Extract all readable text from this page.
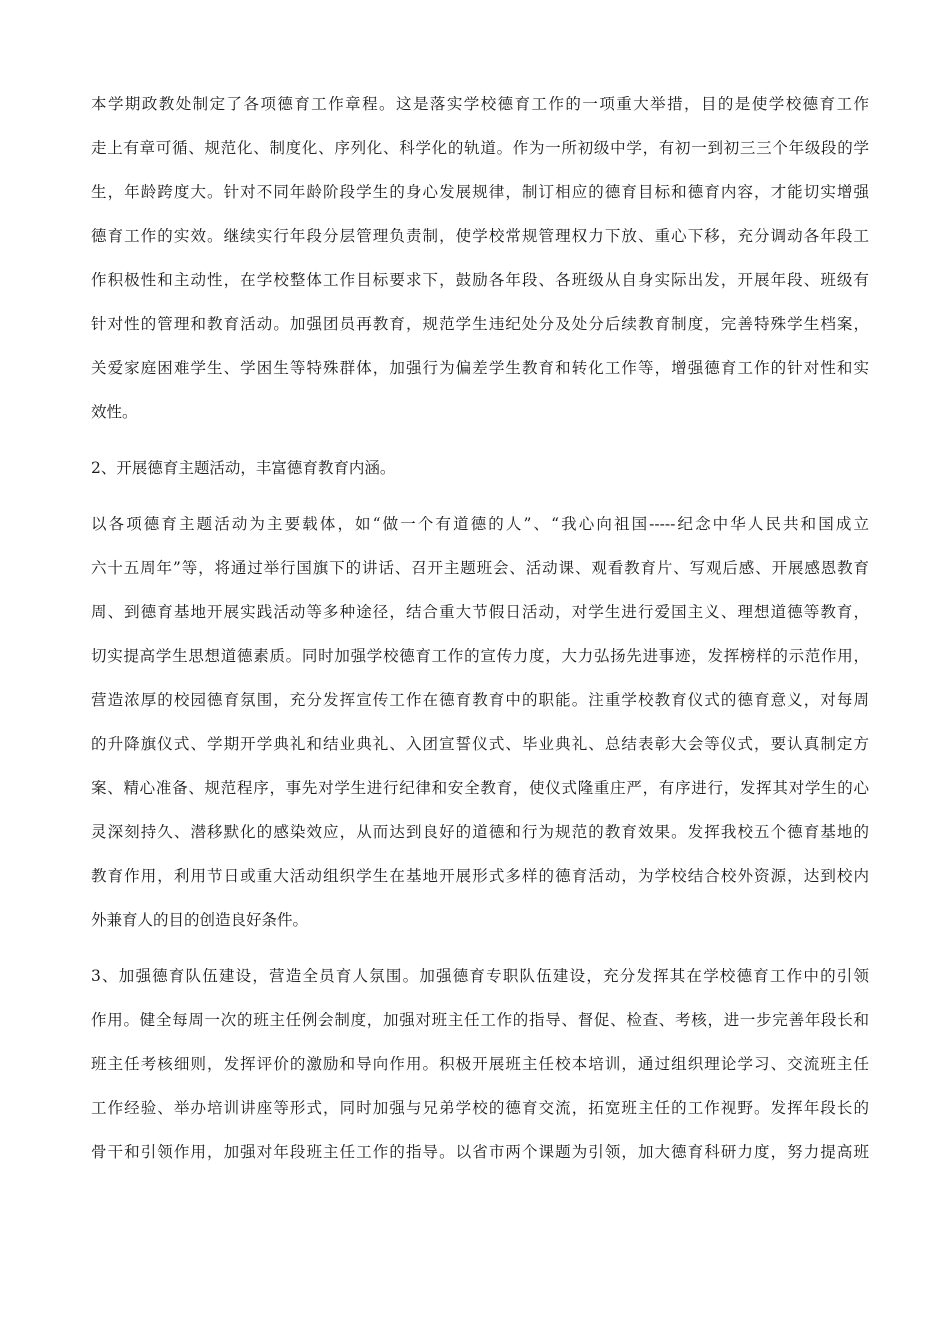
本学期政教处制定了各项德育工作章程。这是落实学校德育工作的一项重大举措，目的是使学校德育工作
走上有章可循、规范化、制度化、序列化、科学化的轨道。作为一所初级中学，有初一到初三三个年级段的学
生，年龄跨度大。针对不同年龄阶段学生的身心发展规律，制订相应的德育目标和德育内容，才能切实增强
德育工作的实效。继续实行年段分层管理负责制，使学校常规管理权力下放、重心下移，充分调动各年段工
作积极性和主动性，在学校整体工作目标要求下，鼓励各年段、各班级从自身实际出发，开展年段、班级有
针对性的管理和教育活动。加强团员再教育，规范学生违纪处分及处分后续教育制度，完善特殊学生档案，
关爱家庭困难学生、学困生等特殊群体，加强行为偏差学生教育和转化工作等，增强德育工作的针对性和实
效性。
2、开展德育主题活动，丰富德育教育内涵。
以各项德育主题活动为主要载体，如“做一个有道德的人”、“我心向祖国-----纪念中华人民共和国成立
六十五周年”等，将通过举行国旗下的讲话、召开主题班会、活动课、观看教育片、写观后感、开展感恩教育
周、到德育基地开展实践活动等多种途径，结合重大节假日活动，对学生进行爱国主义、理想道德等教育，
切实提高学生思想道德素质。同时加强学校德育工作的宣传力度，大力弘扬先进事迹，发挥榜样的示范作用，
营造浓厚的校园德育氛围，充分发挥宣传工作在德育教育中的职能。注重学校教育仪式的德育意义，对每周
的升降旗仪式、学期开学典礼和结业典礼、入团宣誓仪式、毕业典礼、总结表彰大会等仪式，要认真制定方
案、精心准备、规范程序，事先对学生进行纪律和安全教育，使仪式隆重庄严，有序进行，发挥其对学生的心
灵深刻持久、潜移默化的感染效应，从而达到良好的道德和行为规范的教育效果。发挥我校五个德育基地的
教育作用，利用节日或重大活动组织学生在基地开展形式多样的德育活动，为学校结合校外资源，达到校内
外兼育人的目的创造良好条件。
3、加强德育队伍建设，营造全员育人氛围。加强德育专职队伍建设，充分发挥其在学校德育工作中的引领
作用。健全每周一次的班主任例会制度，加强对班主任工作的指导、督促、检查、考核，进一步完善年段长和
班主任考核细则，发挥评价的激励和导向作用。积极开展班主任校本培训，通过组织理论学习、交流班主任
工作经验、举办培训讲座等形式，同时加强与兄弟学校的德育交流，拓宽班主任的工作视野。发挥年段长的
骨干和引领作用，加强对年段班主任工作的指导。以省市两个课题为引领，加大德育科研力度，努力提高班
